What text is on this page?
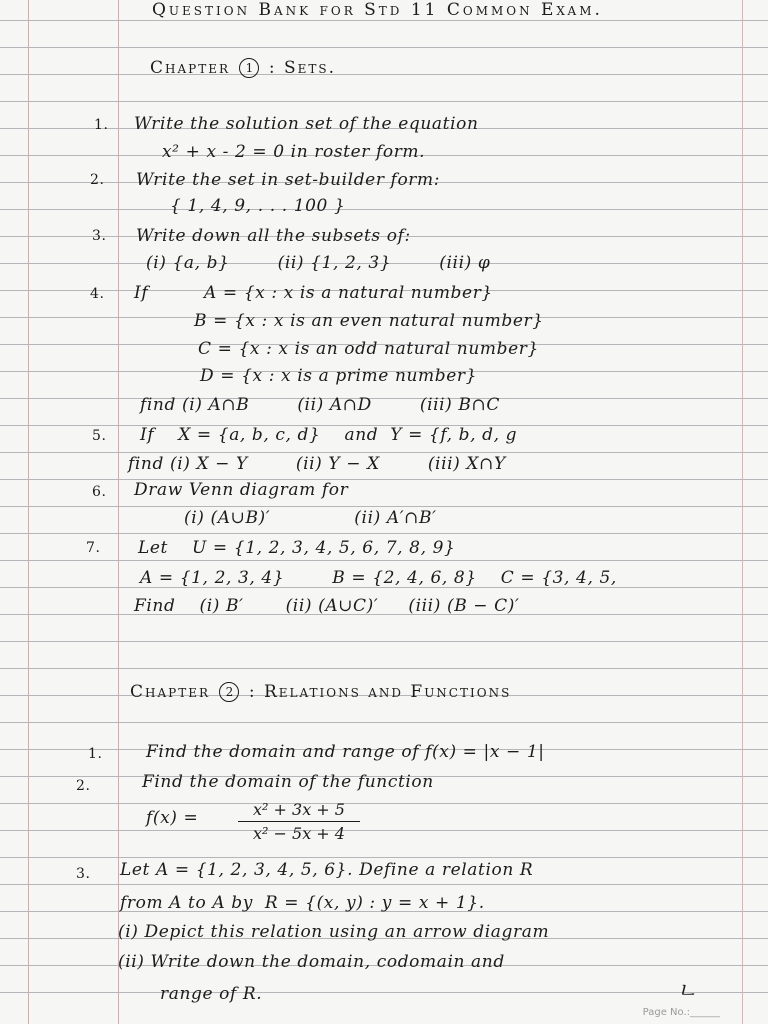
Question Bank for Std 11 Common Exam.
Chapter 1 : Sets.
1. Write the solution set of the equation
x² + x - 2 = 0 in roster form.
2. Write the set in set-builder form:
{ 1, 4, 9, . . . 100 }
3. Write down all the subsets of:
(i) {a, b}        (ii) {1, 2, 3}        (iii) φ
4. If	A = {x : x is a natural number}
B = {x : x is an even natural number}
C = {x : x is an odd natural number}
D = {x : x is a prime number}
find (i) A∩B        (ii) A∩D        (iii) B∩C
5. If    X = {a, b, c, d}    and  Y = {f, b, d, g
find (i) X − Y        (ii) Y − X        (iii) X∩Y
6. Draw Venn diagram for
(i) (A∪B)′              (ii) A′∩B′
7. Let    U = {1, 2, 3, 4, 5, 6, 7, 8, 9}
A = {1, 2, 3, 4}        B = {2, 4, 6, 8}    C = {3, 4, 5,
Find    (i) B′       (ii) (A∪C)′     (iii) (B − C)′
Chapter 2 : Relations and Functions
1.	Find the domain and range of f(x) = |x − 1|
2.	Find the domain of the function
$f(x) = \frac{\text{x² + 3x + 5}}{\text{x² − 5x + 4}}$
3. Let A = {1, 2, 3, 4, 5, 6}. Define a relation R
from A to A by  R = {(x, y) : y = x + 1}.
(i) Depict this relation using an arrow diagram
(ii) Write down the domain, codomain and
range of R.	ㄴ
Page No.:______
